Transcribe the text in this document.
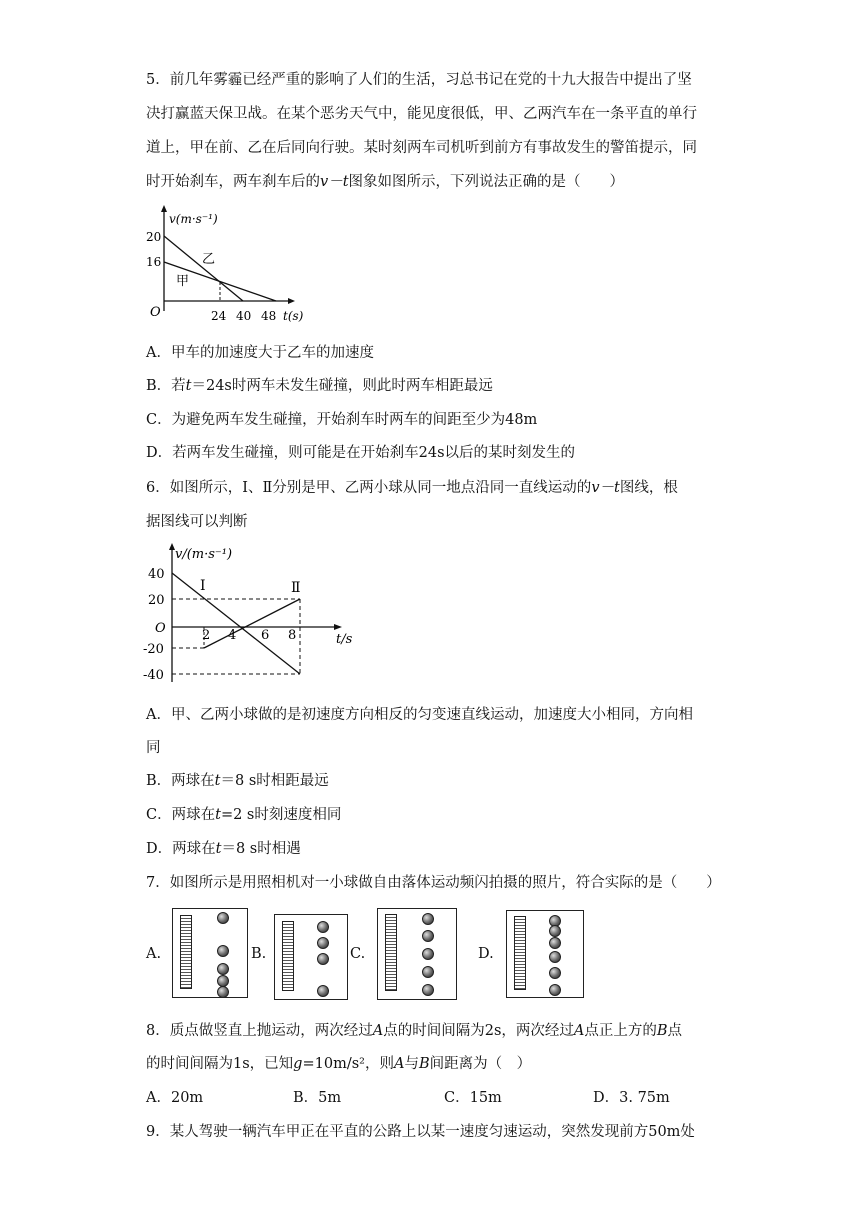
5．前几年雾霾已经严重的影响了人们的生活，习总书记在党的十九大报告中提出了坚
决打赢蓝天保卫战。在某个恶劣天气中，能见度很低，甲、乙两汽车在一条平直的单行
道上，甲在前、乙在后同向行驶。某时刻两车司机听到前方有事故发生的警笛提示，同
时开始刹车，两车刹车后的v－t图象如图所示，下列说法正确的是（　　）
v(m·s⁻¹)
20
16	乙
甲
O	24 40 48 t(s)
A．甲车的加速度大于乙车的加速度
B．若t＝24s时两车未发生碰撞，则此时两车相距最远
C．为避免两车发生碰撞，开始刹车时两车的间距至少为48m
D．若两车发生碰撞，则可能是在开始刹车24s以后的某时刻发生的
6．如图所示，Ⅰ、Ⅱ分别是甲、乙两小球从同一地点沿同一直线运动的v－t图线，根
据图线可以判断
v/(m·s⁻¹)
Ⅰ	Ⅱ
40
20
O
-20
-40
2 4 6 8	t/s
A．甲、乙两小球做的是初速度方向相反的匀变速直线运动，加速度大小相同，方向相
同
B．两球在t＝8 s时相距最远
C．两球在t=2 s时刻速度相同
D．两球在t＝8 s时相遇
7．如图所示是用照相机对一小球做自由落体运动频闪拍摄的照片，符合实际的是（　　）
A.	B.	C.	D.
8．质点做竖直上抛运动，两次经过A点的时间间隔为2s，两次经过A点正上方的B点
的时间间隔为1s，已知g=10m/s²，则A与B间距离为（　）
A．20m	B．5m	C．15m	D．3. 75m
9．某人驾驶一辆汽车甲正在平直的公路上以某一速度匀速运动，突然发现前方50m处
